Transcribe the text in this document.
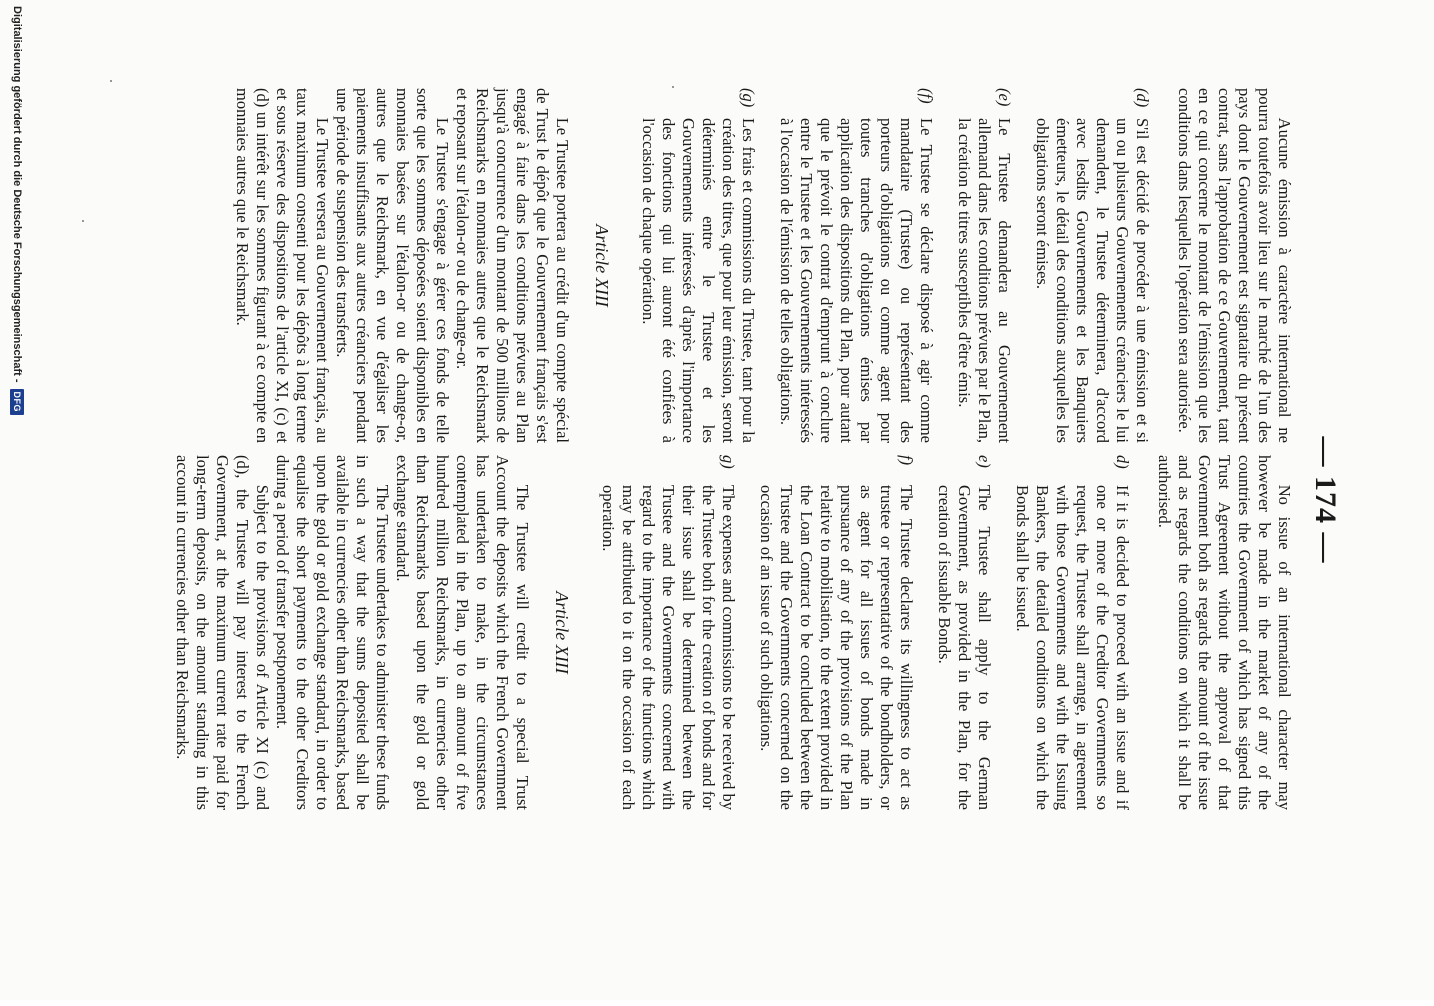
— 174 —

Aucune émission à caractère international ne pourra toutefois avoir lieu sur le marché de l'un des pays dont le Gouvernement est signataire du présent contrat, sans l'approbation de ce Gouvernement, tant en ce qui concerne le montant de l'émission que les conditions dans lesquelles l'opération sera autorisée.

(d)
S'il est décidé de procéder à une émission et si un ou plusieurs Gouvernements créanciers le lui demandent, le Trustee déterminera, d'accord avec lesdits Gouvernements et les Banquiers émetteurs, le détail des conditions auxquelles les obligations seront émises.
(e)
Le Trustee demandera au Gouvernement allemand dans les conditions prévues par le Plan, la création de titres susceptibles d'être émis.
(f)
Le Trustee se déclare disposé à agir comme mandataire (Trustee) ou représentant des porteurs d'obligations ou comme agent pour toutes tranches d'obligations émises par application des dispositions du Plan, pour autant que le prévoit le contrat d'emprunt à conclure entre le Trustee et les Gouvernements intéressés à l'occasion de l'émission de telles obligations.
(g)
Les frais et commissions du Trustee, tant pour la création des titres, que pour leur émission, seront déterminés entre le Trustee et les Gouvernements intéressés d'après l'importance des fonctions qui lui auront été confiées à l'occasion de chaque opération.
Article XIII

Le Trustee portera au crédit d'un compte spécial de Trust le dépôt que le Gouvernement français s'est engagé à faire dans les conditions prévues au Plan jusqu'à concurrence d'un montant de 500 millions de Reichsmarks en monnaies autres que le Reichsmark et reposant sur l'étalon-or ou de change-or.

Le Trustee s'engage à gérer ces fonds de telle sorte que les sommes déposées soient disponibles en monnaies basées sur l'étalon-or ou de change-or, autres que le Reichsmark, en vue d'égaliser les paiements insuffisants aux autres créanciers pendant une période de suspension des transferts.

Le Trustee versera au Gouvernement français, au taux maximum consenti pour les dépôts à long terme et sous réserve des dispositions de l'article XI, (c) et (d) un intérêt sur les sommes figurant à ce compte en monnaies autres que le Reichsmark.

No issue of an international character may however be made in the market of any of the countries the Government of which has signed this Trust Agreement without the approval of that Government both as regards the amount of the issue and as regards the conditions on which it shall be authorised.

d)
If it is decided to proceed with an issue and if one or more of the Creditor Governments so request, the Trustee shall arrange, in agreement with those Governments and with the Issuing Bankers, the detailed conditions on which the Bonds shall be issued.
e)
The Trustee shall apply to the German Government, as provided in the Plan, for the creation of issuable Bonds.
f)
The Trustee declares its willingness to act as trustee or representative of the bondholders, or as agent for all issues of bonds made in pursuance of any of the provisions of the Plan relative to mobilisation, to the extent provided in the Loan Contract to be concluded between the Trustee and the Governments concerned on the occasion of an issue of such obligations.
g)
The expenses and commissions to be received by the Trustee both for the creation of bonds and for their issue shall be determined between the Trustee and the Governments concerned with regard to the importance of the functions which may be attributed to it on the occasion of each operation.
Article XIII

The Trustee will credit to a special Trust Account the deposits which the French Government has undertaken to make, in the circumstances contemplated in the Plan, up to an amount of five hundred million Reichsmarks, in currencies other than Reichsmarks based upon the gold or gold exchange standard.

The Trustee undertakes to administer these funds in such a way that the sums deposited shall be available in currencies other than Reichsmarks, based upon the gold or gold exchange standard, in order to equalise the short payments to the other Creditors during a period of transfer postponement.

Subject to the provisions of Article XI (c) and (d), the Trustee will pay interest to the French Government, at the maximum current rate paid for long-term deposits, on the amount standing in this account in currencies other than Reichsmarks.

Digitalisierung gefördert durch die Deutsche Forschungsgemeinschaft -
DFG
